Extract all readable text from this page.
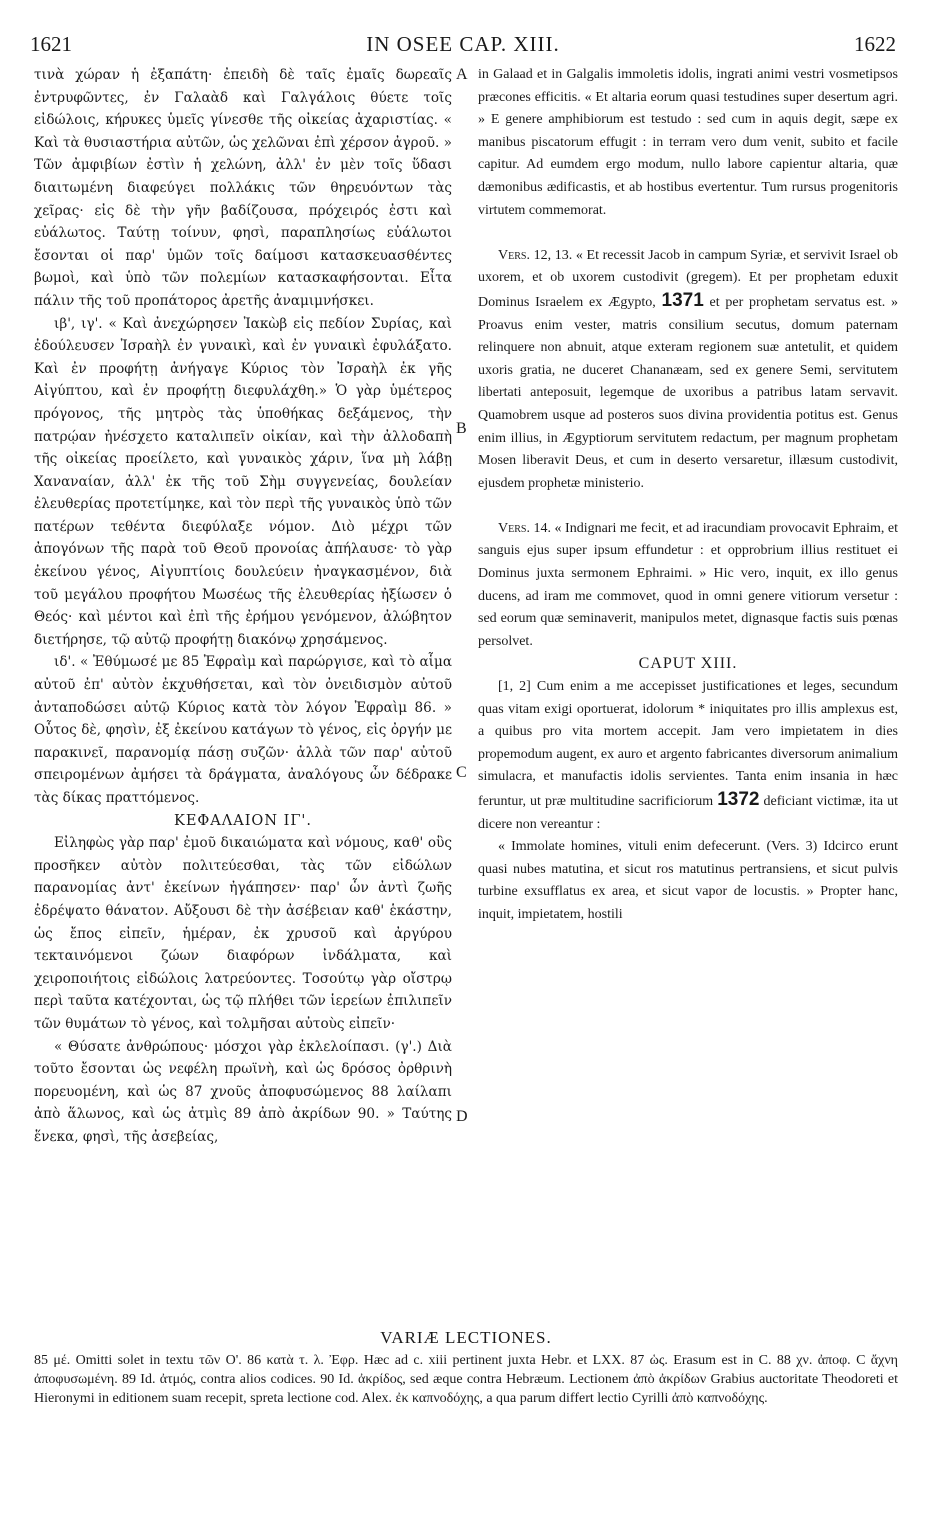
1621	IN OSEE CAP. XIII.	1622
A
B
C
D

τινὰ χώραν ἡ ἐξαπάτη· ἐπειδὴ δὲ ταῖς ἐμαῖς δωρεαῖς ἐντρυφῶντες, ἐν Γαλαὰδ καὶ Γαλγάλοις θύετε τοῖς εἰδώλοις, κήρυκες ὑμεῖς γίνεσθε τῆς οἰκείας ἀχαριστίας. « Καὶ τὰ θυσιαστήρια αὐτῶν, ὡς χελῶναι ἐπὶ χέρσον ἀγροῦ. » Τῶν ἀμφιβίων ἐστὶν ἡ χελώνη, ἀλλ' ἐν μὲν τοῖς ὕδασι διαιτωμένη διαφεύγει πολλάκις τῶν θηρευόντων τὰς χεῖρας· εἰς δὲ τὴν γῆν βαδίζουσα, πρόχειρός ἐστι καὶ εὐάλωτος. Ταύτῃ τοίνυν, φησὶ, παραπλησίως εὐάλωτοι ἔσονται οἱ παρ' ὑμῶν τοῖς δαίμοσι κατασκευασθέντες βωμοὶ, καὶ ὑπὸ τῶν πολεμίων κατασκαφήσονται. Εἶτα πάλιν τῆς τοῦ προπάτορος ἀρετῆς ἀναμιμνήσκει.

ιβ', ιγ'. « Καὶ ἀνεχώρησεν Ἰακὼβ εἰς πεδίον Συρίας, καὶ ἐδούλευσεν Ἰσραὴλ ἐν γυναικὶ, καὶ ἐν γυναικὶ ἐφυλάξατο. Καὶ ἐν προφήτῃ ἀνήγαγε Κύριος τὸν Ἰσραὴλ ἐκ γῆς Αἰγύπτου, καὶ ἐν προφήτῃ διεφυλάχθη.» Ὁ γὰρ ὑμέτερος πρόγονος, τῆς μητρὸς τὰς ὑποθήκας δεξάμενος, τὴν πατρῴαν ἠνέσχετο καταλιπεῖν οἰκίαν, καὶ τὴν ἀλλοδαπὴ τῆς οἰκείας προείλετο, καὶ γυναικὸς χάριν, ἵνα μὴ λάβῃ Χαναναίαν, ἀλλ' ἐκ τῆς τοῦ Σὴμ συγγενείας, δουλείαν ἐλευθερίας προτετίμηκε, καὶ τὸν περὶ τῆς γυναικὸς ὑπὸ τῶν πατέρων τεθέντα διεφύλαξε νόμον. Διὸ μέχρι τῶν ἀπογόνων τῆς παρὰ τοῦ Θεοῦ προνοίας ἀπήλαυσε· τὸ γὰρ ἐκείνου γένος, Αἰγυπτίοις δουλεύειν ἠναγκασμένον, διὰ τοῦ μεγάλου προφήτου Μωσέως τῆς ἐλευθερίας ἠξίωσεν ὁ Θεός· καὶ μέντοι καὶ ἐπὶ τῆς ἐρήμου γενόμενον, ἀλώβητον διετήρησε, τῷ αὐτῷ προφήτῃ διακόνῳ χρησάμενος.

ιδ'. « Ἐθύμωσέ με 85 Ἐφραὶμ καὶ παρώργισε, καὶ τὸ αἷμα αὐτοῦ ἐπ' αὐτὸν ἐκχυθήσεται, καὶ τὸν ὀνειδισμὸν αὐτοῦ ἀνταποδώσει αὐτῷ Κύριος κατὰ τὸν λόγον Ἐφραὶμ 86. » Οὗτος δὲ, φησὶν, ἐξ ἐκείνου κατάγων τὸ γένος, εἰς ὀργήν με παρακινεῖ, παρανομίᾳ πάσῃ συζῶν· ἀλλὰ τῶν παρ' αὐτοῦ σπειρομένων ἀμήσει τὰ δράγματα, ἀναλόγους ὧν δέδρακε τὰς δίκας πραττόμενος.

ΚΕΦΑΛΑΙΟΝ ΙΓ'.

Εἰληφὼς γὰρ παρ' ἐμοῦ δικαιώματα καὶ νόμους, καθ' οὓς προσῆκεν αὐτὸν πολιτεύεσθαι, τὰς τῶν εἰδώλων παρανομίας ἀντ' ἐκείνων ἠγάπησεν· παρ' ὧν ἀντὶ ζωῆς ἐδρέψατο θάνατον. Αὔξουσι δὲ τὴν ἀσέβειαν καθ' ἑκάστην, ὡς ἔπος εἰπεῖν, ἡμέραν, ἐκ χρυσοῦ καὶ ἀργύρου τεκταινόμενοι ζώων διαφόρων ἰνδάλματα, καὶ χειροποιήτοις εἰδώλοις λατρεύοντες. Τοσούτῳ γὰρ οἴστρῳ περὶ ταῦτα κατέχονται, ὡς τῷ πλήθει τῶν ἱερείων ἐπιλιπεῖν τῶν θυμάτων τὸ γένος, καὶ τολμῆσαι αὐτοὺς εἰπεῖν·

« Θύσατε ἀνθρώπους· μόσχοι γὰρ ἐκλελοίπασι. (γ'.) Διὰ τοῦτο ἔσονται ὡς νεφέλη πρωϊνὴ, καὶ ὡς δρόσος ὀρθρινὴ πορευομένη, καὶ ὡς 87 χνοῦς ἀποφυσώμενος 88 λαίλαπι ἀπὸ ἅλωνος, καὶ ὡς ἀτμὶς 89 ἀπὸ ἀκρίδων 90. » Ταύτης ἕνεκα, φησὶ, τῆς ἀσεβείας,

in Galaad et in Galgalis immoletis idolis, ingrati animi vestri vosmetipsos præcones efficitis. « Et altaria eorum quasi testudines super desertum agri. » E genere amphibiorum est testudo : sed cum in aquis degit, sæpe ex manibus piscatorum effugit : in terram vero dum venit, subito et facile capitur. Ad eumdem ergo modum, nullo labore capientur altaria, quæ dæmonibus ædificastis, et ab hostibus evertentur. Tum rursus progenitoris virtutem commemorat.

Vers. 12, 13. « Et recessit Jacob in campum Syriæ, et servivit Israel ob uxorem, et ob uxorem custodivit (gregem). Et per prophetam eduxit Dominus Israelem ex Ægypto, 1371 et per prophetam servatus est. » Proavus enim vester, matris consilium secutus, domum paternam relinquere non abnuit, atque exteram regionem suæ antetulit, et quidem uxoris gratia, ne duceret Chananæam, sed ex genere Semi, servitutem libertati anteposuit, legemque de uxoribus a patribus latam servavit. Quamobrem usque ad posteros suos divina providentia potitus est. Genus enim illius, in Ægyptiorum servitutem redactum, per magnum prophetam Mosen liberavit Deus, et cum in deserto versaretur, illæsum custodivit, ejusdem prophetæ ministerio.

Vers. 14. « Indignari me fecit, et ad iracundiam provocavit Ephraim, et sanguis ejus super ipsum effundetur : et opprobrium illius restituet ei Dominus juxta sermonem Ephraimi. » Hic vero, inquit, ex illo genus ducens, ad iram me commovet, quod in omni genere vitiorum versetur : sed eorum quæ seminaverit, manipulos metet, dignasque factis suis pœnas persolvet.

CAPUT XIII.

[1, 2] Cum enim a me accepisset justificationes et leges, secundum quas vitam exigi oportuerat, idolorum * iniquitates pro illis amplexus est, a quibus pro vita mortem accepit. Jam vero impietatem in dies propemodum augent, ex auro et argento fabricantes diversorum animalium simulacra, et manufactis idolis servientes. Tanta enim insania in hæc feruntur, ut præ multitudine sacrificiorum 1372 deficiant victimæ, ita ut dicere non vereantur :

« Immolate homines, vituli enim defecerunt. (Vers. 3) Idcirco erunt quasi nubes matutina, et sicut ros matutinus pertransiens, et sicut pulvis turbine exsufflatus ex area, et sicut vapor de locustis. » Propter hanc, inquit, impietatem, hostili

VARIÆ LECTIONES.

85 μέ. Omitti solet in textu τῶν Ο'. 86 κατὰ τ. λ. Ἐφρ. Hæc ad c. xiii pertinent juxta Hebr. et LXX. 87 ὡς. Erasum est in C. 88 χν. ἀποφ. C ἄχνη ἀποφυσωμένη. 89 Id. ἀτμός, contra alios codices. 90 Id. ἀκρίδος, sed æque contra Hebræum. Lectionem ἀπὸ ἀκρίδων Grabius auctoritate Theodoreti et Hieronymi in editionem suam recepit, spreta lectione cod. Alex. ἐκ καπνοδόχης, a qua parum differt lectio Cyrilli ἀπὸ καπνοδόχης.
